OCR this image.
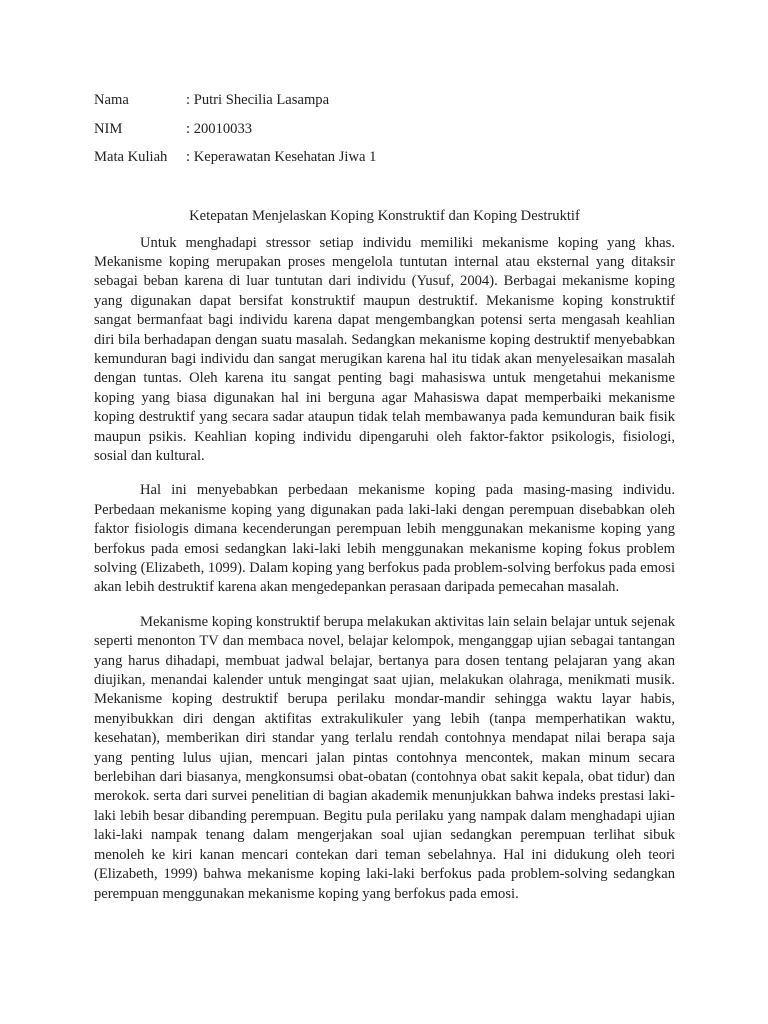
Nama	: Putri Shecilia Lasampa
NIM	: 20010033
Mata Kuliah	: Keperawatan Kesehatan Jiwa 1
Ketepatan Menjelaskan Koping Konstruktif dan Koping Destruktif

Untuk menghadapi stressor setiap individu memiliki mekanisme koping yang khas. Mekanisme koping merupakan proses mengelola tuntutan internal atau eksternal yang ditaksir sebagai beban karena di luar tuntutan dari individu (Yusuf, 2004). Berbagai mekanisme koping yang digunakan dapat bersifat konstruktif maupun destruktif. Mekanisme koping konstruktif sangat bermanfaat bagi individu karena dapat mengembangkan potensi serta mengasah keahlian diri bila berhadapan dengan suatu masalah. Sedangkan mekanisme koping destruktif menyebabkan kemunduran bagi individu dan sangat merugikan karena hal itu tidak akan menyelesaikan masalah dengan tuntas. Oleh karena itu sangat penting bagi mahasiswa untuk mengetahui mekanisme koping yang biasa digunakan hal ini berguna agar Mahasiswa dapat memperbaiki mekanisme koping destruktif yang secara sadar ataupun tidak telah membawanya pada kemunduran baik fisik maupun psikis. Keahlian koping individu dipengaruhi oleh faktor-faktor psikologis, fisiologi, sosial dan kultural.

Hal ini menyebabkan perbedaan mekanisme koping pada masing-masing individu. Perbedaan mekanisme koping yang digunakan pada laki-laki dengan perempuan disebabkan oleh faktor fisiologis dimana kecenderungan perempuan lebih menggunakan mekanisme koping yang berfokus pada emosi sedangkan laki-laki lebih menggunakan mekanisme koping fokus problem solving (Elizabeth, 1099). Dalam koping yang berfokus pada problem-solving berfokus pada emosi akan lebih destruktif karena akan mengedepankan perasaan daripada pemecahan masalah.

Mekanisme koping konstruktif berupa melakukan aktivitas lain selain belajar untuk sejenak seperti menonton TV dan membaca novel, belajar kelompok, menganggap ujian sebagai tantangan yang harus dihadapi, membuat jadwal belajar, bertanya para dosen tentang pelajaran yang akan diujikan, menandai kalender untuk mengingat saat ujian, melakukan olahraga, menikmati musik. Mekanisme koping destruktif berupa perilaku mondar-mandir sehingga waktu layar habis, menyibukkan diri dengan aktifitas extrakulikuler yang lebih (tanpa memperhatikan waktu, kesehatan), memberikan diri standar yang terlalu rendah contohnya mendapat nilai berapa saja yang penting lulus ujian, mencari jalan pintas contohnya mencontek, makan minum secara berlebihan dari biasanya, mengkonsumsi obat-obatan (contohnya obat sakit kepala, obat tidur) dan merokok. serta dari survei penelitian di bagian akademik menunjukkan bahwa indeks prestasi laki-laki lebih besar dibanding perempuan. Begitu pula perilaku yang nampak dalam menghadapi ujian laki-laki nampak tenang dalam mengerjakan soal ujian sedangkan perempuan terlihat sibuk menoleh ke kiri kanan mencari contekan dari teman sebelahnya. Hal ini didukung oleh teori (Elizabeth, 1999) bahwa mekanisme koping laki-laki berfokus pada problem-solving sedangkan perempuan menggunakan mekanisme koping yang berfokus pada emosi.
